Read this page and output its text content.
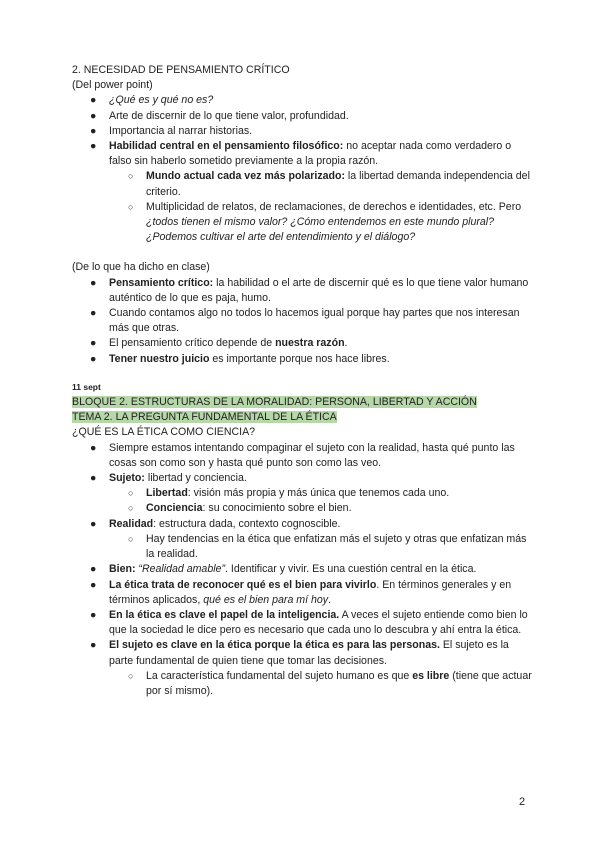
2. NECESIDAD DE PENSAMIENTO CRÍTICO

(Del power point)

● ¿Qué es y qué no es?
● Arte de discernir de lo que tiene valor, profundidad.
● Importancia al narrar historias.
● Habilidad central en el pensamiento filosófico: no aceptar nada como verdadero o falso sin haberlo sometido previamente a la propia razón.
○ Mundo actual cada vez más polarizado: la libertad demanda independencia del criterio.
○ Multiplicidad de relatos, de reclamaciones, de derechos e identidades, etc. Pero ¿todos tienen el mismo valor? ¿Cómo entendemos en este mundo plural? ¿Podemos cultivar el arte del entendimiento y el diálogo?

(De lo que ha dicho en clase)

● Pensamiento crítico: la habilidad o el arte de discernir qué es lo que tiene valor humano auténtico de lo que es paja, humo.
● Cuando contamos algo no todos lo hacemos igual porque hay partes que nos interesan más que otras.
● El pensamiento crítico depende de nuestra razón.
● Tener nuestro juicio es importante porque nos hace libres.

11 sept

BLOQUE 2. ESTRUCTURAS DE LA MORALIDAD: PERSONA, LIBERTAD Y ACCIÓN

TEMA 2. LA PREGUNTA FUNDAMENTAL DE LA ÉTICA

¿QUÉ ES LA ÉTICA COMO CIENCIA?

● Siempre estamos intentando compaginar el sujeto con la realidad, hasta qué punto las cosas son como son y hasta qué punto son como las veo.
● Sujeto: libertad y conciencia.
○ Libertad: visión más propia y más única que tenemos cada uno.
○ Conciencia: su conocimiento sobre el bien.
● Realidad: estructura dada, contexto cognoscible.
○ Hay tendencias en la ética que enfatizan más el sujeto y otras que enfatizan más la realidad.
● Bien: “Realidad amable”. Identificar y vivir. Es una cuestión central en la ética.
● La ética trata de reconocer qué es el bien para vivirlo. En términos generales y en términos aplicados, qué es el bien para mí hoy.
● En la ética es clave el papel de la inteligencia. A veces el sujeto entiende como bien lo que la sociedad le dice pero es necesario que cada uno lo descubra y ahí entra la ética.
● El sujeto es clave en la ética porque la ética es para las personas. El sujeto es la parte fundamental de quien tiene que tomar las decisiones.
○ La característica fundamental del sujeto humano es que es libre (tiene que actuar por sí mismo).
2
